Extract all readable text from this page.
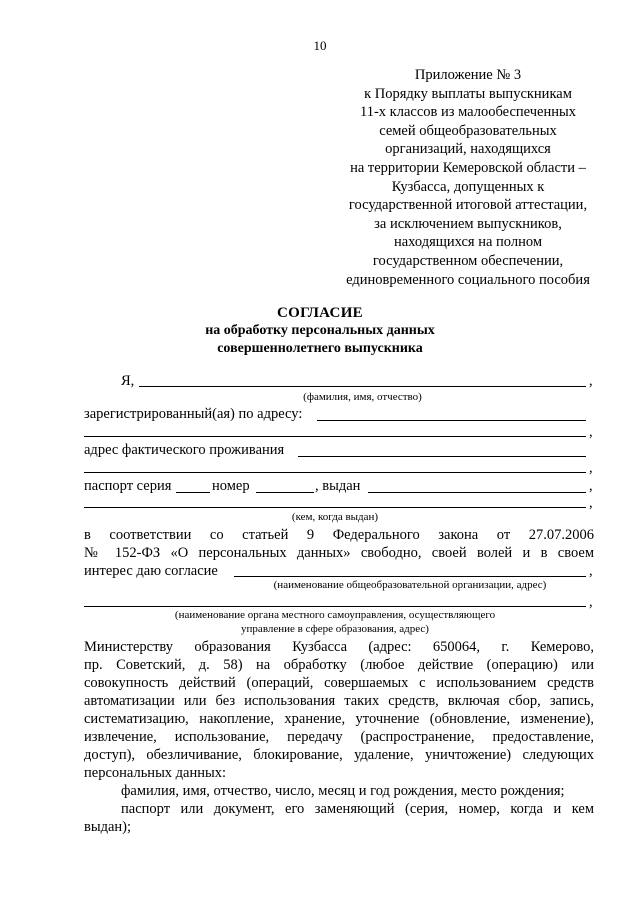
10
Приложение № 3
к Порядку выплаты выпускникам
11-х классов из малообеспеченных
семей общеобразовательных
организаций, находящихся
на территории Кемеровской области –
Кузбасса, допущенных к
государственной итоговой аттестации,
за исключением выпускников,
находящихся на полном
государственном обеспечении,
единовременного социального пособия
СОГЛАСИЕ
на обработку персональных данных
совершеннолетнего выпускника
Я,	,
(фамилия, имя, отчество)
зарегистрированный(ая) по адресу:
,
адрес фактического проживания
,
паспорт серия	номер	, выдан	,
,
(кем, когда выдан)
в соответствии со статьей 9 Федерального закона от 27.07.2006
№ 152-ФЗ «О персональных данных» свободно, своей волей и в своем
интерес даю согласие	,
(наименование общеобразовательной организации, адрес)
,
(наименование органа местного самоуправления, осуществляющего
управление в сфере образования, адрес)
Министерству образования Кузбасса (адрес: 650064, г. Кемерово,
пр. Советский, д. 58) на обработку (любое действие (операцию) или
совокупность действий (операций, совершаемых с использованием средств
автоматизации или без использования таких средств, включая сбор, запись,
систематизацию, накопление, хранение, уточнение (обновление, изменение),
извлечение, использование, передачу (распространение, предоставление,
доступ), обезличивание, блокирование, удаление, уничтожение) следующих
персональных данных:
фамилия, имя, отчество, число, месяц и год рождения, место рождения;
паспорт или документ, его заменяющий (серия, номер, когда и кем
выдан);
